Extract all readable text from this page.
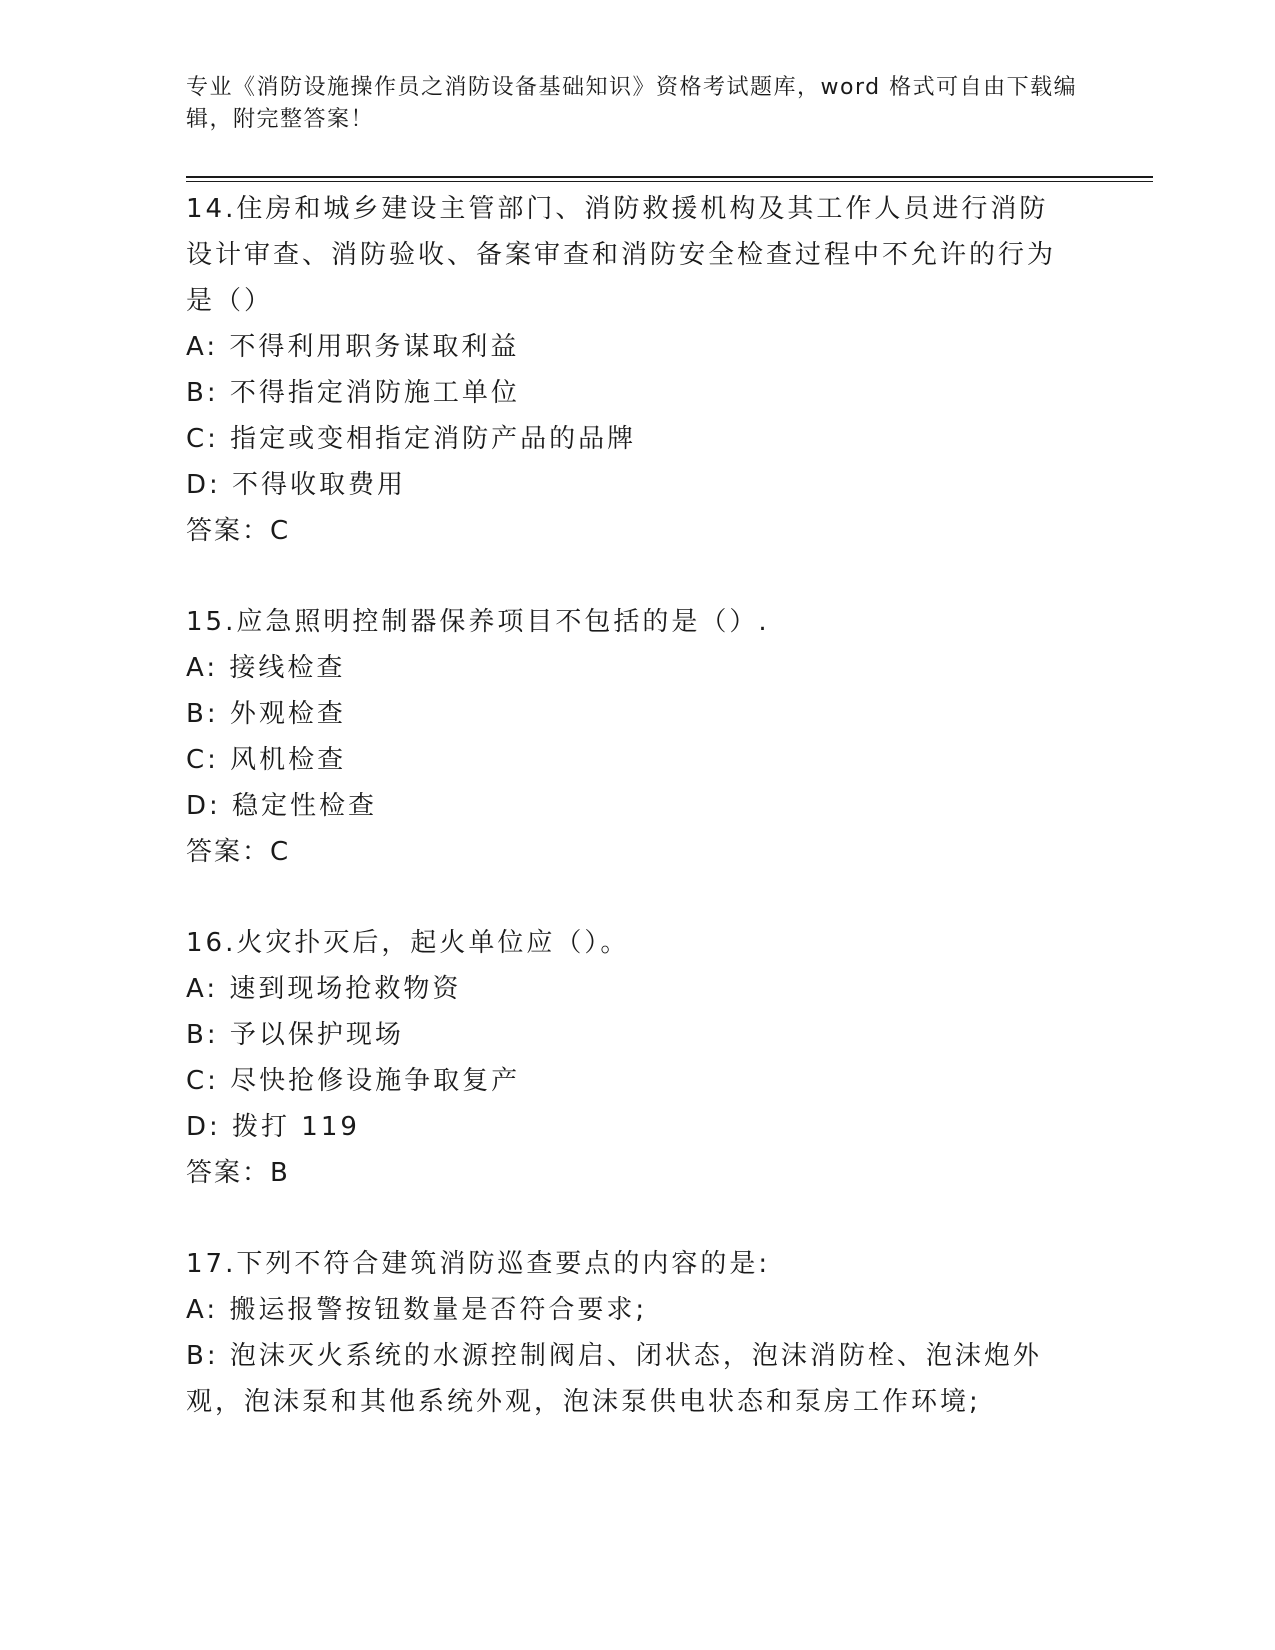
专业《消防设施操作员之消防设备基础知识》资格考试题库，word 格式可自由下载编辑，附完整答案！
14.住房和城乡建设主管部门、消防救援机构及其工作人员进行消防设计审查、消防验收、备案审查和消防安全检查过程中不允许的行为是（）
A: 不得利用职务谋取利益
B: 不得指定消防施工单位
C: 指定或变相指定消防产品的品牌
D: 不得收取费用
答案：C
15.应急照明控制器保养项目不包括的是（）.
A: 接线检查
B: 外观检查
C: 风机检查
D: 稳定性检查
答案：C
16.火灾扑灭后，起火单位应（）。
A: 速到现场抢救物资
B: 予以保护现场
C: 尽快抢修设施争取复产
D: 拨打 119
答案：B
17.下列不符合建筑消防巡查要点的内容的是:
A: 搬运报警按钮数量是否符合要求;
B: 泡沫灭火系统的水源控制阀启、闭状态，泡沫消防栓、泡沫炮外观，泡沫泵和其他系统外观，泡沫泵供电状态和泵房工作环境;
